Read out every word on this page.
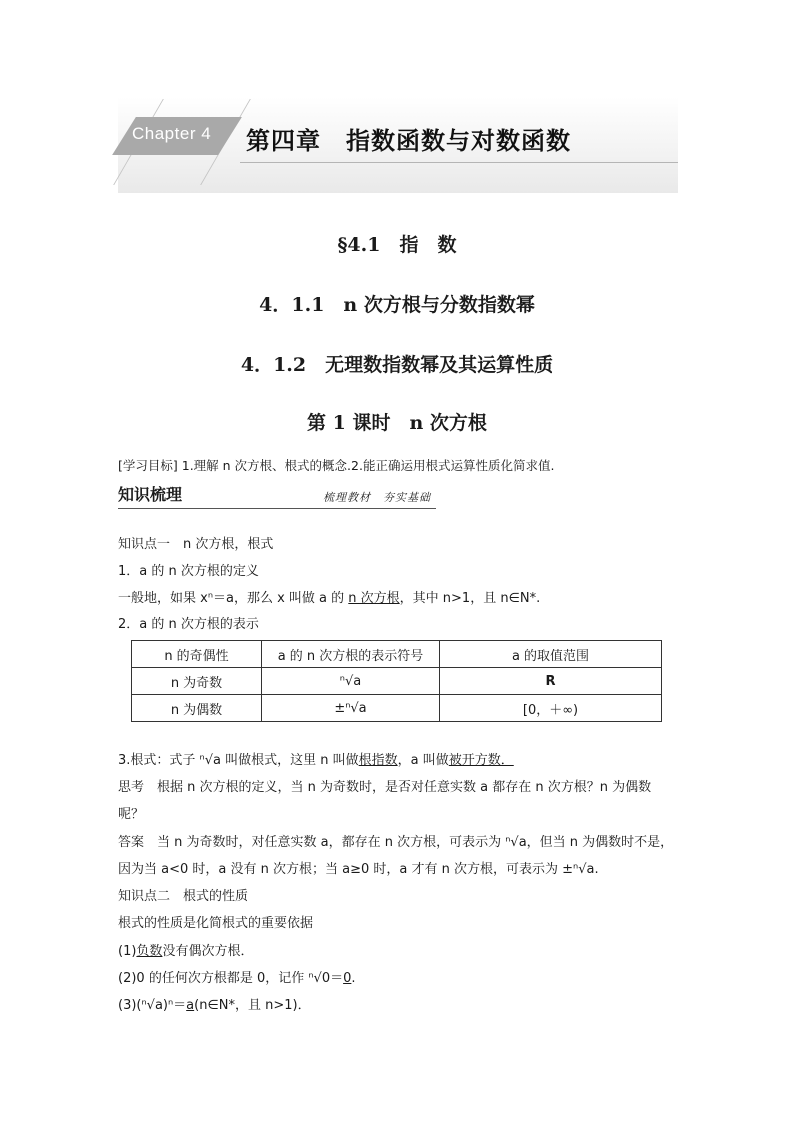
Chapter 4 第四章　指数函数与对数函数
§4.1　指　数
4．1.1　n 次方根与分数指数幂
4．1.2　无理数指数幂及其运算性质
第 1 课时　n 次方根
[学习目标] 1.理解 n 次方根、根式的概念.2.能正确运用根式运算性质化简求值.
知识梳理	梳理教材　夯实基础
知识点一　n 次方根，根式
1．a 的 n 次方根的定义
一般地，如果 xⁿ＝a，那么 x 叫做 a 的 n 次方根，其中 n>1，且 n∈N*.
2．a 的 n 次方根的表示
n 的奇偶性	a 的 n 次方根的表示符号	a 的取值范围
n 为奇数	ⁿ√a	R
n 为偶数	±ⁿ√a	[0，＋∞)
3.根式：式子 ⁿ√a 叫做根式，这里 n 叫做根指数，a 叫做被开方数．
思考　根据 n 次方根的定义，当 n 为奇数时，是否对任意实数 a 都存在 n 次方根？n 为偶数
呢？
答案　当 n 为奇数时，对任意实数 a，都存在 n 次方根，可表示为 ⁿ√a，但当 n 为偶数时不是，
因为当 a<0 时，a 没有 n 次方根；当 a≥0 时，a 才有 n 次方根，可表示为 ±ⁿ√a.
知识点二　根式的性质
根式的性质是化简根式的重要依据
(1)负数没有偶次方根．
(2)0 的任何次方根都是 0，记作 ⁿ√0＝0.
(3)(ⁿ√a)ⁿ＝a(n∈N*，且 n>1)．
